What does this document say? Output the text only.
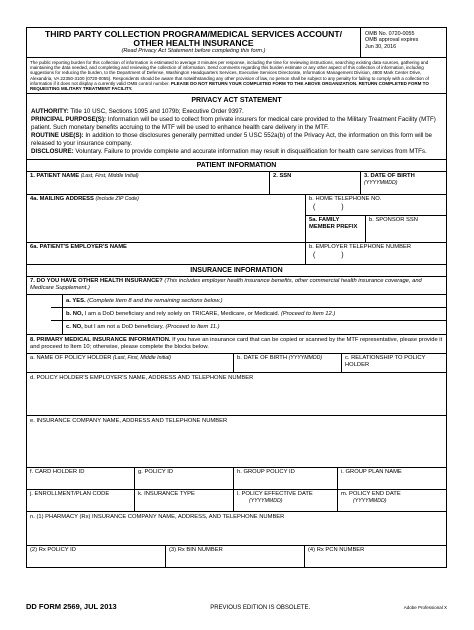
THIRD PARTY COLLECTION PROGRAM/MEDICAL SERVICES ACCOUNT/
OTHER HEALTH INSURANCE
(Read Privacy Act Statement before completing this form.)
OMB No. 0720-0055
OMB approval expires
Jun 30, 2016
The public reporting burden for this collection of information is estimated to average 3 minutes per response, including the time for reviewing instructions, searching existing data sources, gathering and maintaining the data needed, and completing and reviewing the collection of information. Send comments regarding this burden estimate or any other aspect of this collection of information, including suggestions for reducing the burden, to the Department of Defense, Washington Headquarters Services, Executive Services Directorate, Information Management Division, 4800 Mark Center Drive, Alexandria, VA 22350-3100 (0720-0055). Respondents should be aware that notwithstanding any other provision of law, no person shall be subject to any penalty for failing to comply with a collection of information if it does not display a currently valid OMB control number. PLEASE DO NOT RETURN YOUR COMPLETED FORM TO THE ABOVE ORGANIZATION. RETURN COMPLETED FORM TO REQUESTING MILITARY TREATMENT FACILITY.
PRIVACY ACT STATEMENT

AUTHORITY: Title 10 USC, Sections 1095 and 1079b; Executive Order 9397.

PRINCIPAL PURPOSE(S): Information will be used to collect from private insurers for medical care provided to the Military Treatment Facility (MTF) patient. Such monetary benefits accruing to the MTF will be used to enhance health care delivery in the MTF.

ROUTINE USE(S): In addition to those disclosures generally permitted under 5 USC 552a(b) of the Privacy Act, the information on this form will be released to your insurance company.

DISCLOSURE: Voluntary. Failure to provide complete and accurate information may result in disqualification for health care services from MTFs.

PATIENT INFORMATION
1. PATIENT NAME (Last, First, Middle Initial)	2. SSN	3. DATE OF BIRTH (YYYYMMDD)
4a. MAILING ADDRESS (Include ZIP Code)	b. HOME TELEPHONE NO.
( )
5a. FAMILY MEMBER PREFIX
b. SPONSOR SSN
6a. PATIENT'S EMPLOYER'S NAME	b. EMPLOYER TELEPHONE NUMBER
( )
INSURANCE INFORMATION
7. DO YOU HAVE OTHER HEALTH INSURANCE? (This includes employer health insurance benefits, other commercial health insurance coverage, and Medicare Supplement.)
a. YES.
(Complete Item 8 and the remaining sections below.)
b. NO,
I am a DoD beneficiary and rely solely on TRICARE, Medicare, or Medicaid.
(Proceed to Item 12.)
c. NO,
but I am not a DoD beneficiary.
(Proceed to Item 11.)
8. PRIMARY MEDICAL INSURANCE INFORMATION. If you have an insurance card that can be copied or scanned by the MTF representative, please provide it and proceed to Item 10; otherwise, please complete the blocks below.
a. NAME OF POLICY HOLDER (Last, First, Middle Initial)	b. DATE OF BIRTH (YYYYMMDD)	c. RELATIONSHIP TO POLICY HOLDER
d. POLICY HOLDER'S EMPLOYER'S NAME, ADDRESS AND TELEPHONE NUMBER
e. INSURANCE COMPANY NAME, ADDRESS AND TELEPHONE NUMBER
f. CARD HOLDER ID	g. POLICY ID	h. GROUP POLICY ID	i. GROUP PLAN NAME
j. ENROLLMENT/PLAN CODE	k. INSURANCE TYPE	l. POLICY EFFECTIVE DATE
(YYYYMMDD)
m. POLICY END DATE
(YYYYMMDD)
n. (1) PHARMACY (Rx) INSURANCE COMPANY NAME, ADDRESS, AND TELEPHONE NUMBER
(2) Rx POLICY ID	(3) Rx BIN NUMBER	(4) Rx PCN NUMBER
DD FORM 2569, JUL 2013	PREVIOUS EDITION IS OBSOLETE.	Adobe Professional X
